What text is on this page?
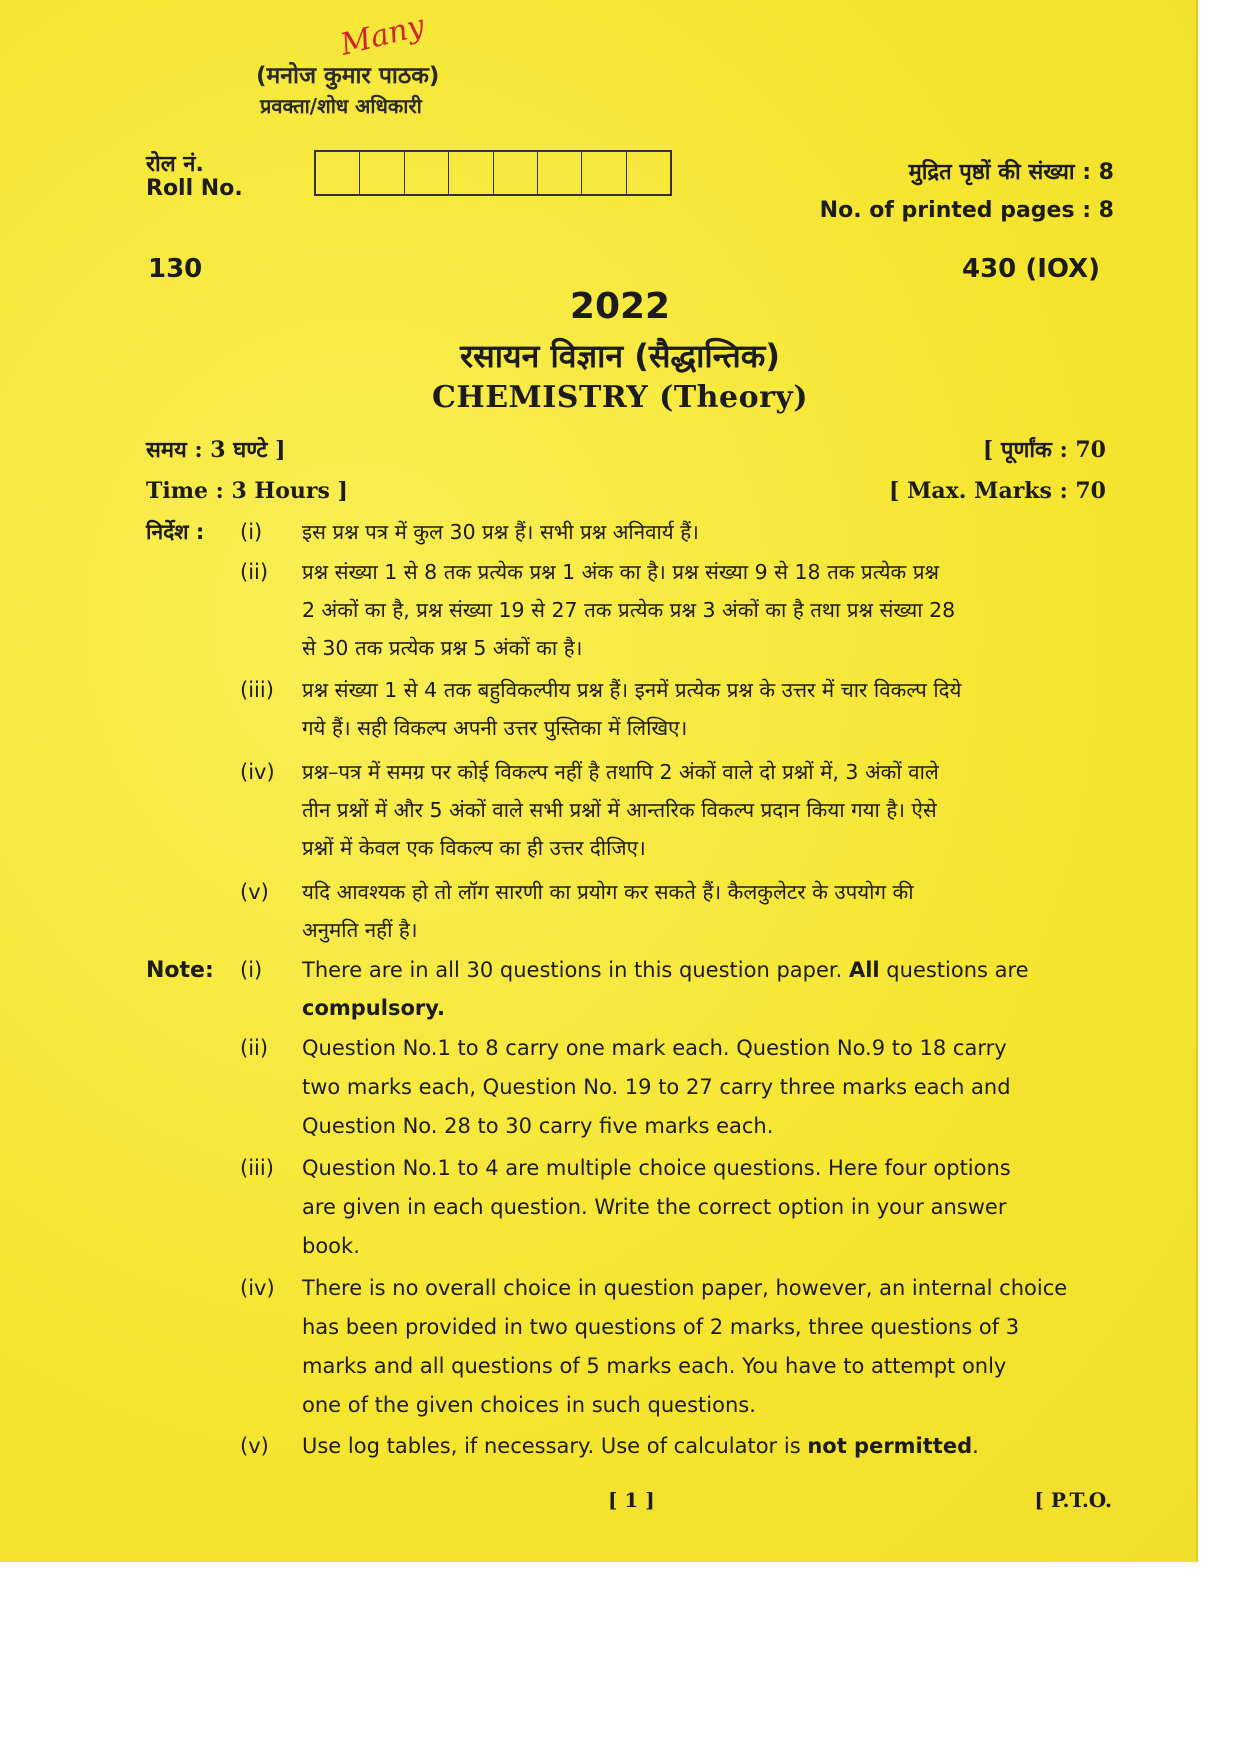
(मनोज कुमार पाठक)
प्रवक्ता/शोध अधिकारी
Many
रोल नं.
Roll No.
मुद्रित पृष्ठों की संख्या : 8
No. of printed pages : 8
130	430 (IOX)
2022
रसायन विज्ञान (सैद्धान्तिक)
CHEMISTRY (Theory)
समय : 3 घण्टे ]	[ पूर्णांक : 70
Time : 3 Hours ]	[ Max. Marks : 70
निर्देश : (i) इस प्रश्न पत्र में कुल 30 प्रश्न हैं। सभी प्रश्न अनिवार्य हैं।
(ii) प्रश्न संख्या 1 से 8 तक प्रत्येक प्रश्न 1 अंक का है। प्रश्न संख्या 9 से 18 तक प्रत्येक प्रश्न
2 अंकों का है, प्रश्न संख्या 19 से 27 तक प्रत्येक प्रश्न 3 अंकों का है तथा प्रश्न संख्या 28
से 30 तक प्रत्येक प्रश्न 5 अंकों का है।
(iii) प्रश्न संख्या 1 से 4 तक बहुविकल्पीय प्रश्न हैं। इनमें प्रत्येक प्रश्न के उत्तर में चार विकल्प दिये
गये हैं। सही विकल्प अपनी उत्तर पुस्तिका में लिखिए।
(iv) प्रश्न–पत्र में समग्र पर कोई विकल्प नहीं है तथापि 2 अंकों वाले दो प्रश्नों में, 3 अंकों वाले
तीन प्रश्नों में और 5 अंकों वाले सभी प्रश्नों में आन्तरिक विकल्प प्रदान किया गया है। ऐसे
प्रश्नों में केवल एक विकल्प का ही उत्तर दीजिए।
(v) यदि आवश्यक हो तो लॉग सारणी का प्रयोग कर सकते हैं। कैलकुलेटर के उपयोग की
अनुमति नहीं है।
Note: (i) There are in all 30 questions in this question paper. All questions are
compulsory.
(ii) Question No.1 to 8 carry one mark each. Question No.9 to 18 carry
two marks each, Question No. 19 to 27 carry three marks each and
Question No. 28 to 30 carry five marks each.
(iii) Question No.1 to 4 are multiple choice questions. Here four options
are given in each question. Write the correct option in your answer
book.
(iv) There is no overall choice in question paper, however, an internal choice
has been provided in two questions of 2 marks, three questions of 3
marks and all questions of 5 marks each. You have to attempt only
one of the given choices in such questions.
(v) Use log tables, if necessary. Use of calculator is not permitted.
[ 1 ]	[ P.T.O.
